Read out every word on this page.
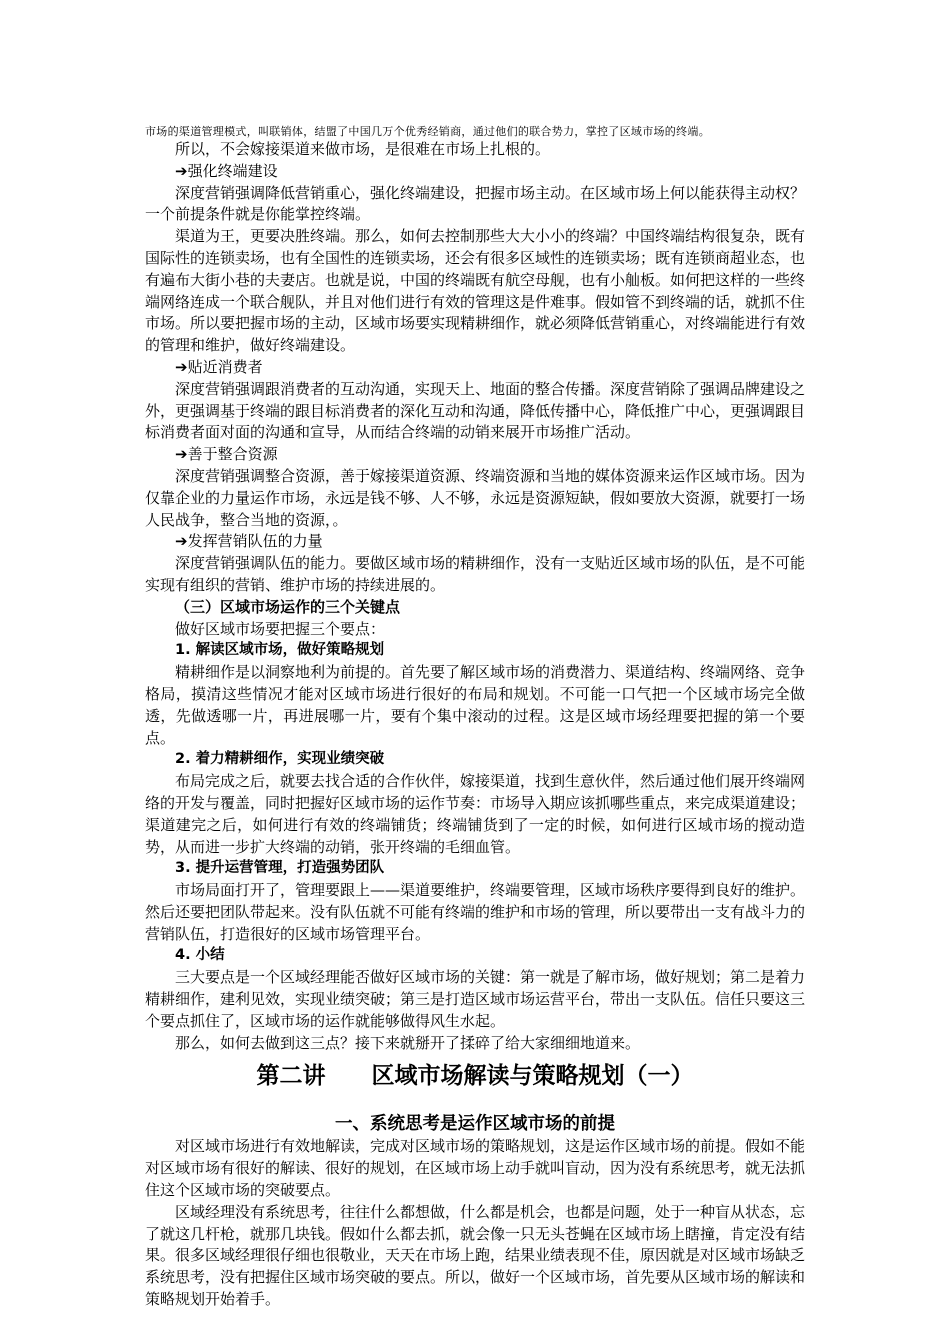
市场的渠道管理模式，叫联销体，结盟了中国几万个优秀经销商，通过他们的联合势力，掌控了区域市场的终端。

所以，不会嫁接渠道来做市场，是很难在市场上扎根的。

➔强化终端建设

深度营销强调降低营销重心，强化终端建设，把握市场主动。在区域市场上何以能获得主动权？一个前提条件就是你能掌控终端。

渠道为王，更要决胜终端。那么，如何去控制那些大大小小的终端？中国终端结构很复杂，既有国际性的连锁卖场，也有全国性的连锁卖场，还会有很多区域性的连锁卖场；既有连锁商超业态，也有遍布大街小巷的夫妻店。也就是说，中国的终端既有航空母舰，也有小舢板。如何把这样的一些终端网络连成一个联合舰队，并且对他们进行有效的管理这是件难事。假如管不到终端的话，就抓不住市场。所以要把握市场的主动，区域市场要实现精耕细作，就必须降低营销重心，对终端能进行有效的管理和维护，做好终端建设。

➔贴近消费者

深度营销强调跟消费者的互动沟通，实现天上、地面的整合传播。深度营销除了强调品牌建设之外，更强调基于终端的跟目标消费者的深化互动和沟通，降低传播中心，降低推广中心，更强调跟目标消费者面对面的沟通和宣导，从而结合终端的动销来展开市场推广活动。

➔善于整合资源

深度营销强调整合资源，善于嫁接渠道资源、终端资源和当地的媒体资源来运作区域市场。因为仅靠企业的力量运作市场，永远是钱不够、人不够，永远是资源短缺，假如要放大资源，就要打一场人民战争，整合当地的资源，。

➔发挥营销队伍的力量

深度营销强调队伍的能力。要做区域市场的精耕细作，没有一支贴近区域市场的队伍，是不可能实现有组织的营销、维护市场的持续进展的。

（三）区域市场运作的三个关键点

做好区域市场要把握三个要点：

1. 解读区域市场，做好策略规划

精耕细作是以洞察地利为前提的。首先要了解区域市场的消费潜力、渠道结构、终端网络、竞争格局，摸清这些情况才能对区域市场进行很好的布局和规划。不可能一口气把一个区域市场完全做透，先做透哪一片，再进展哪一片，要有个集中滚动的过程。这是区域市场经理要把握的第一个要点。

2. 着力精耕细作，实现业绩突破

布局完成之后，就要去找合适的合作伙伴，嫁接渠道，找到生意伙伴，然后通过他们展开终端网络的开发与覆盖，同时把握好区域市场的运作节奏：市场导入期应该抓哪些重点，来完成渠道建设；渠道建完之后，如何进行有效的终端铺货；终端铺货到了一定的时候，如何进行区域市场的搅动造势，从而进一步扩大终端的动销，张开终端的毛细血管。

3. 提升运营管理，打造强势团队

市场局面打开了，管理要跟上——渠道要维护，终端要管理，区域市场秩序要得到良好的维护。然后还要把团队带起来。没有队伍就不可能有终端的维护和市场的管理，所以要带出一支有战斗力的营销队伍，打造很好的区域市场管理平台。

4. 小结

三大要点是一个区域经理能否做好区域市场的关键：第一就是了解市场，做好规划；第二是着力精耕细作，建利见效，实现业绩突破；第三是打造区域市场运营平台，带出一支队伍。信任只要这三个要点抓住了，区域市场的运作就能够做得风生水起。

那么，如何去做到这三点？接下来就掰开了揉碎了给大家细细地道来。

第二讲　　区域市场解读与策略规划（一）
一、系统思考是运作区域市场的前提

对区域市场进行有效地解读，完成对区域市场的策略规划，这是运作区域市场的前提。假如不能对区域市场有很好的解读、很好的规划，在区域市场上动手就叫盲动，因为没有系统思考，就无法抓住这个区域市场的突破要点。

区域经理没有系统思考，往往什么都想做，什么都是机会，也都是问题，处于一种盲从状态，忘了就这几杆枪，就那几块钱。假如什么都去抓，就会像一只无头苍蝇在区域市场上瞎撞，肯定没有结果。很多区域经理很仔细也很敬业，天天在市场上跑，结果业绩表现不佳，原因就是对区域市场缺乏系统思考，没有把握住区域市场突破的要点。所以，做好一个区域市场，首先要从区域市场的解读和策略规划开始着手。
